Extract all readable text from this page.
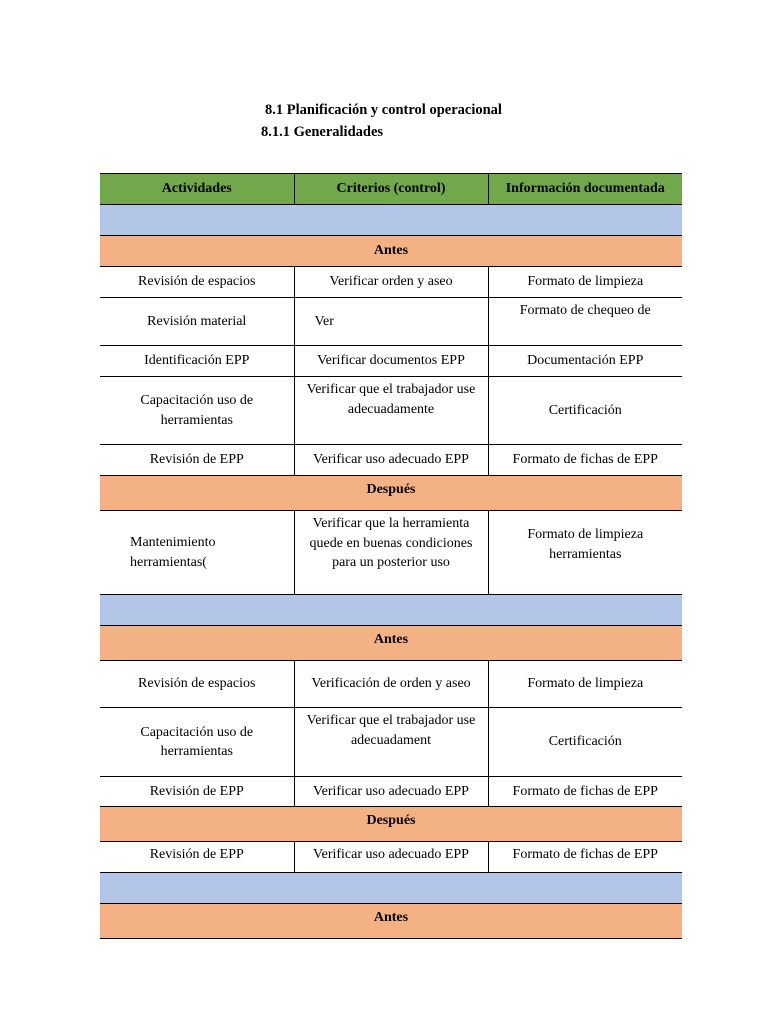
8.1 Planificación y control operacional
8.1.1 Generalidades
Actividades	Criterios (control)	Información documentada

Antes		
Revisión de espacios	Verificar orden y aseo	Formato de limpieza
Revisión material	Ver	Formato de chequeo de
Identificación EPP	Verificar documentos EPP	Documentación EPP
Capacitación uso de herramientas	Verificar que el trabajador use adecuadamente	Certificación
Revisión de EPP	Verificar uso adecuado EPP	Formato de fichas de EPP
Después		
Mantenimiento herramientas(	Verificar que la herramienta quede en buenas condiciones para un posterior uso	Formato de limpieza herramientas

Antes		
Revisión de espacios	Verificación de orden y aseo	Formato de limpieza
Capacitación uso de herramientas	Verificar que el trabajador use adecuadament	Certificación
Revisión de EPP	Verificar uso adecuado EPP	Formato de fichas de EPP
Después		
Revisión de EPP	Verificar uso adecuado EPP	Formato de fichas de EPP

Antes		
